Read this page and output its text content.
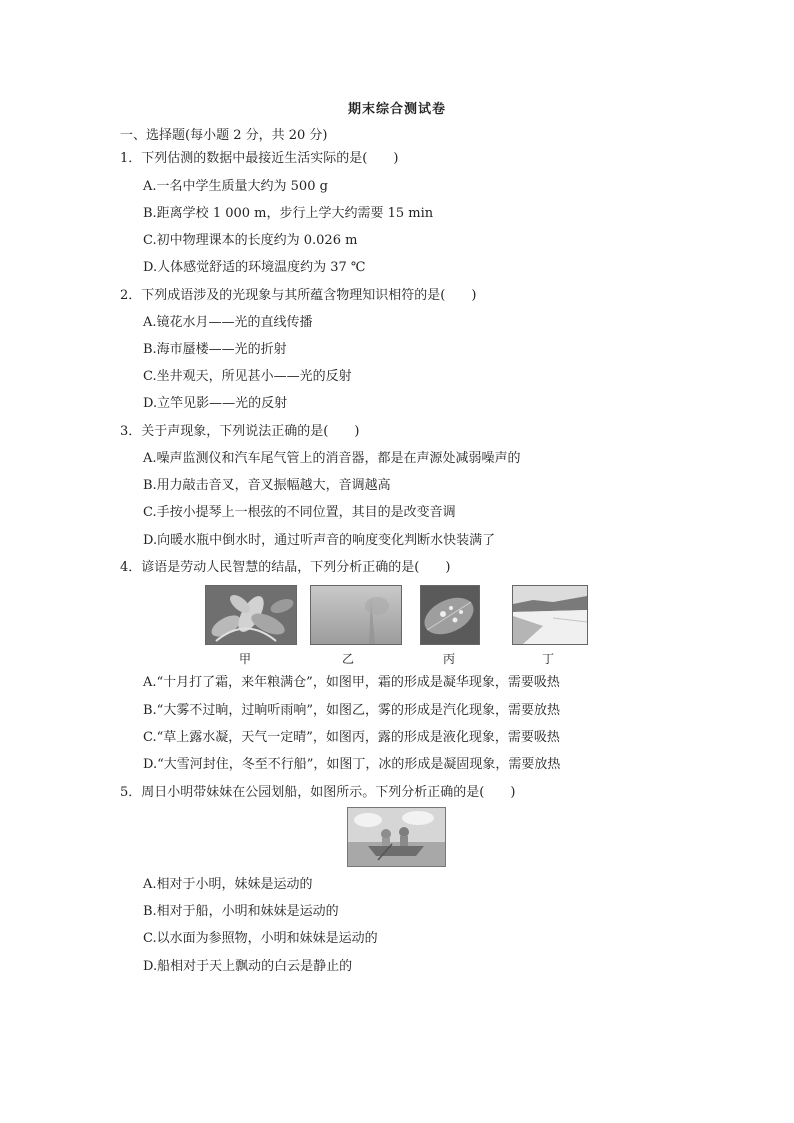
期末综合测试卷
一、选择题(每小题 2 分，共 20 分)
1．下列估测的数据中最接近生活实际的是(　　)
A.一名中学生质量大约为 500 g
B.距离学校 1 000 m，步行上学大约需要 15 min
C.初中物理课本的长度约为 0.026 m
D.人体感觉舒适的环境温度约为 37 ℃
2．下列成语涉及的光现象与其所蕴含物理知识相符的是(　　)
A.镜花水月——光的直线传播
B.海市蜃楼——光的折射
C.坐井观天，所见甚小——光的反射
D.立竿见影——光的反射
3．关于声现象，下列说法正确的是(　　)
A.噪声监测仪和汽车尾气管上的消音器，都是在声源处减弱噪声的
B.用力敲击音叉，音叉振幅越大，音调越高
C.手按小提琴上一根弦的不同位置，其目的是改变音调
D.向暖水瓶中倒水时，通过听声音的响度变化判断水快装满了
4．谚语是劳动人民智慧的结晶，下列分析正确的是(　　)
甲	乙	丙	丁
A.“十月打了霜，来年粮满仓”，如图甲，霜的形成是凝华现象，需要吸热
B.“大雾不过晌，过晌听雨响”，如图乙，雾的形成是汽化现象，需要放热
C.“草上露水凝，天气一定晴”，如图丙，露的形成是液化现象，需要吸热
D.“大雪河封住，冬至不行船”，如图丁，冰的形成是凝固现象，需要放热
5．周日小明带妹妹在公园划船，如图所示。下列分析正确的是(　　)
A.相对于小明，妹妹是运动的
B.相对于船，小明和妹妹是运动的
C.以水面为参照物，小明和妹妹是运动的
D.船相对于天上飘动的白云是静止的
